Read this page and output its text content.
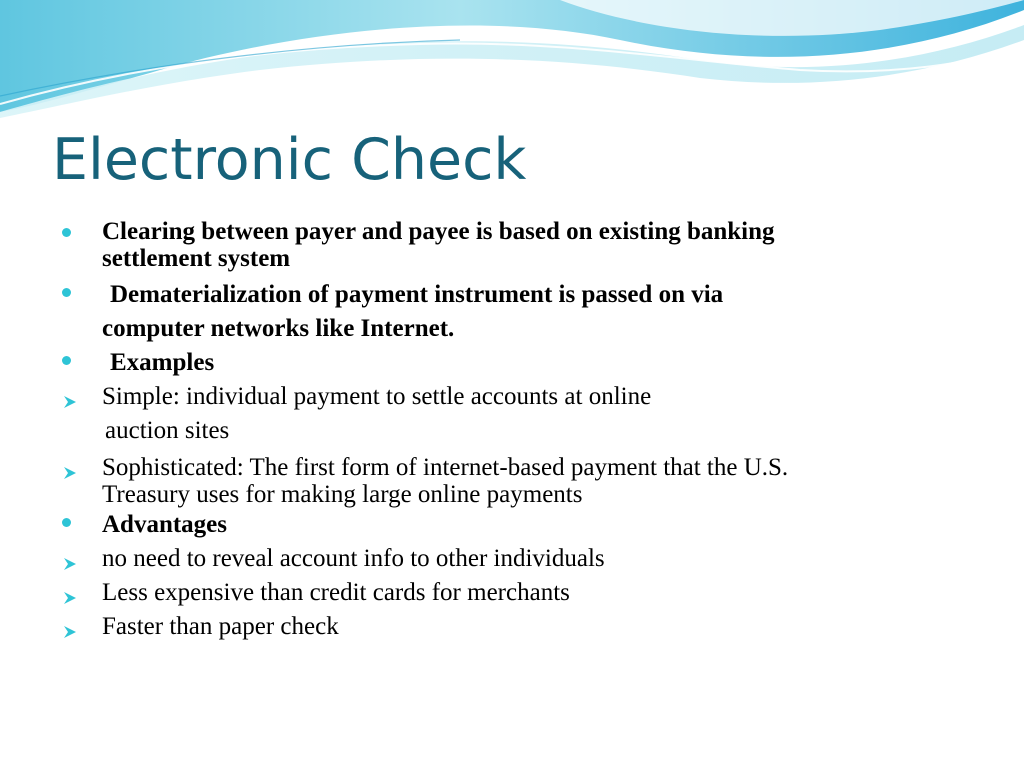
Electronic Check
Clearing between payer and payee is based on existing banking
settlement system
Dematerialization of payment instrument is passed on via
computer networks like Internet.
Examples
Simple: individual payment to settle accounts at online
auction sites
Sophisticated: The first form of internet-based payment that the U.S.
Treasury uses for making large online payments
Advantages
no need to reveal account info to other individuals
Less expensive than credit cards for merchants
Faster than paper check
